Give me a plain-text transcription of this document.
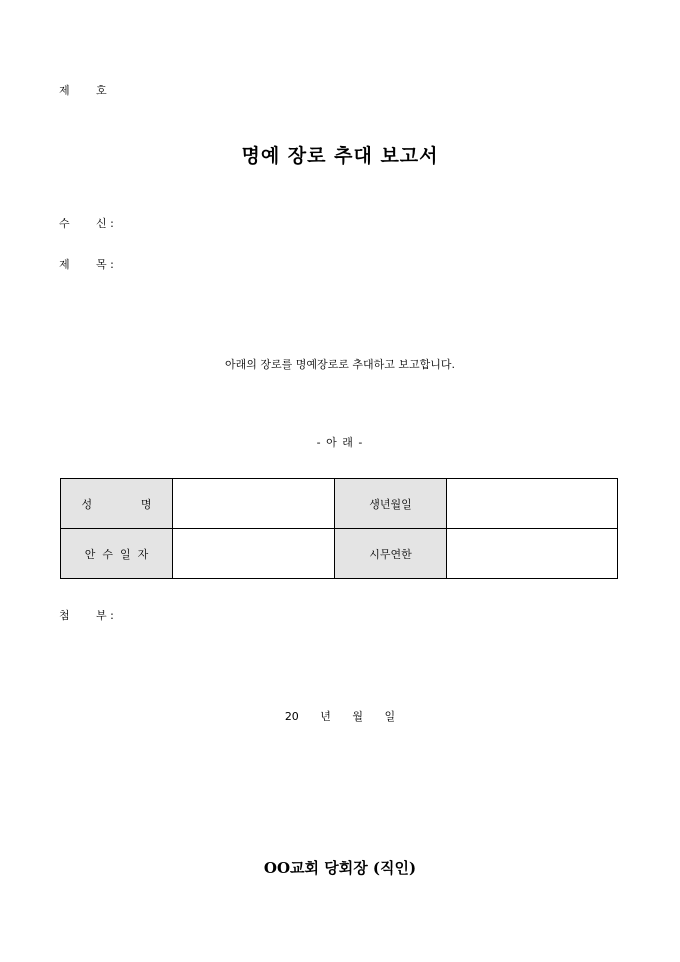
제 호
명예 장로 추대 보고서
수 신 :
제 목 :
아래의 장로를 명예장로로 추대하고 보고합니다.
- 아 래 -
성 명		생년월일	
안수일자		시무연한	
첨 부 :
20 년 월 일
OO교회 당회장 (직인)
